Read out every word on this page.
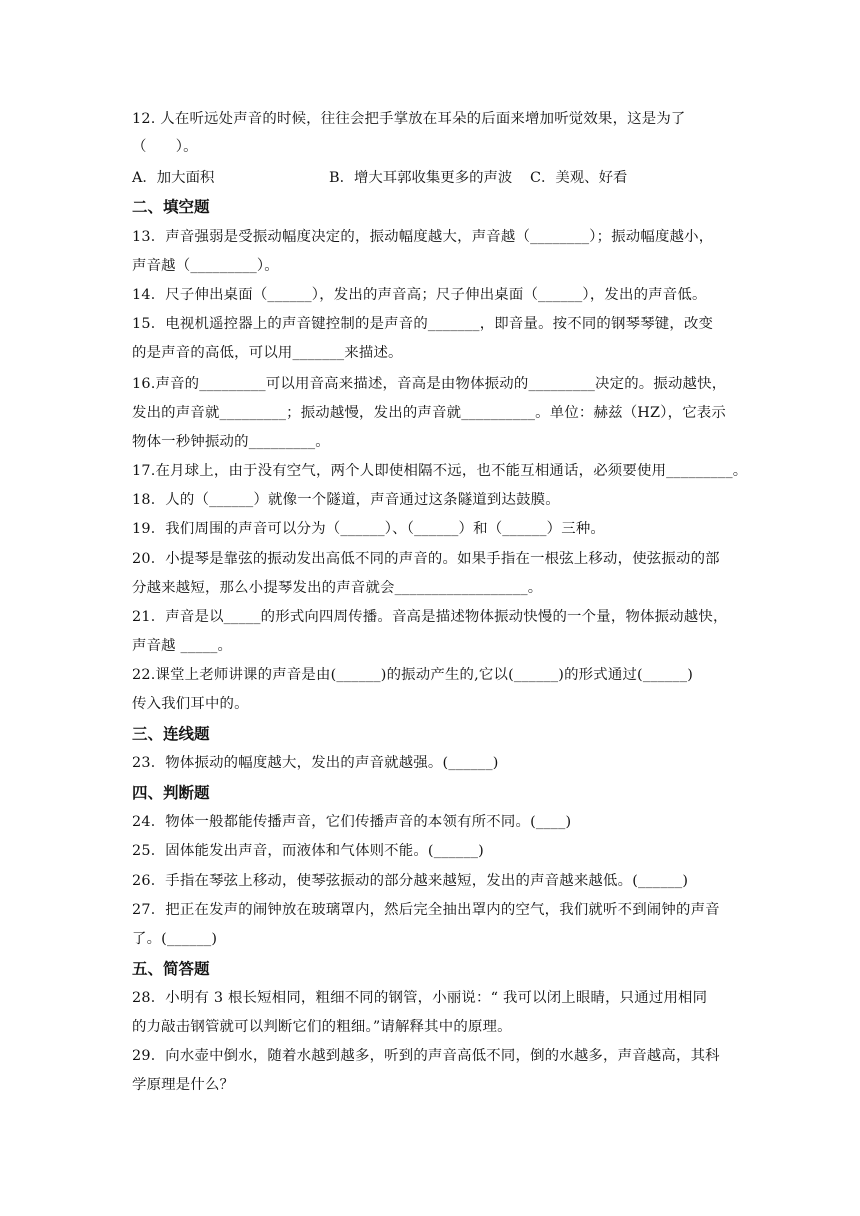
12. 人在听远处声音的时候，往往会把手掌放在耳朵的后面来增加听觉效果，这是为了
（　　）。
A．加大面积	B．增大耳郭收集更多的声波 C．美观、好看
二、填空题
13．声音强弱是受振动幅度决定的，振动幅度越大，声音越（________）；振动幅度越小，
声音越（_________）。
14．尺子伸出桌面（______），发出的声音高；尺子伸出桌面（______），发出的声音低。
15．电视机遥控器上的声音键控制的是声音的_______，即音量。按不同的钢琴琴键，改变
的是声音的高低，可以用_______来描述。
16.声音的_________可以用音高来描述，音高是由物体振动的_________决定的。振动越快，
发出的声音就_________；振动越慢，发出的声音就__________。单位：赫兹（HZ），它表示
物体一秒钟振动的_________。
17.在月球上，由于没有空气，两个人即使相隔不远，也不能互相通话，必须要使用_________。
18．人的（______）就像一个隧道，声音通过这条隧道到达鼓膜。
19．我们周围的声音可以分为（______）、（______）和（______）三种。
20．小提琴是靠弦的振动发出高低不同的声音的。如果手指在一根弦上移动，使弦振动的部
分越来越短，那么小提琴发出的声音就会__________________。
21．声音是以_____的形式向四周传播。音高是描述物体振动快慢的一个量，物体振动越快，
声音越 _____。
22.课堂上老师讲课的声音是由(______)的振动产生的,它以(______)的形式通过(______)
传入我们耳中的。
三、连线题
23．物体振动的幅度越大，发出的声音就越强。(______)
四、判断题
24．物体一般都能传播声音，它们传播声音的本领有所不同。(____)
25．固体能发出声音，而液体和气体则不能。(______)
26．手指在琴弦上移动，使琴弦振动的部分越来越短，发出的声音越来越低。(______)
27．把正在发声的闹钟放在玻璃罩内，然后完全抽出罩内的空气，我们就听不到闹钟的声音
了。(______)
五、简答题
28．小明有 3 根长短相同，粗细不同的钢管，小丽说：“ 我可以闭上眼睛，只通过用相同
的力敲击钢管就可以判断它们的粗细。”请解释其中的原理。
29．向水壶中倒水，随着水越到越多，听到的声音高低不同，倒的水越多，声音越高，其科
学原理是什么？
